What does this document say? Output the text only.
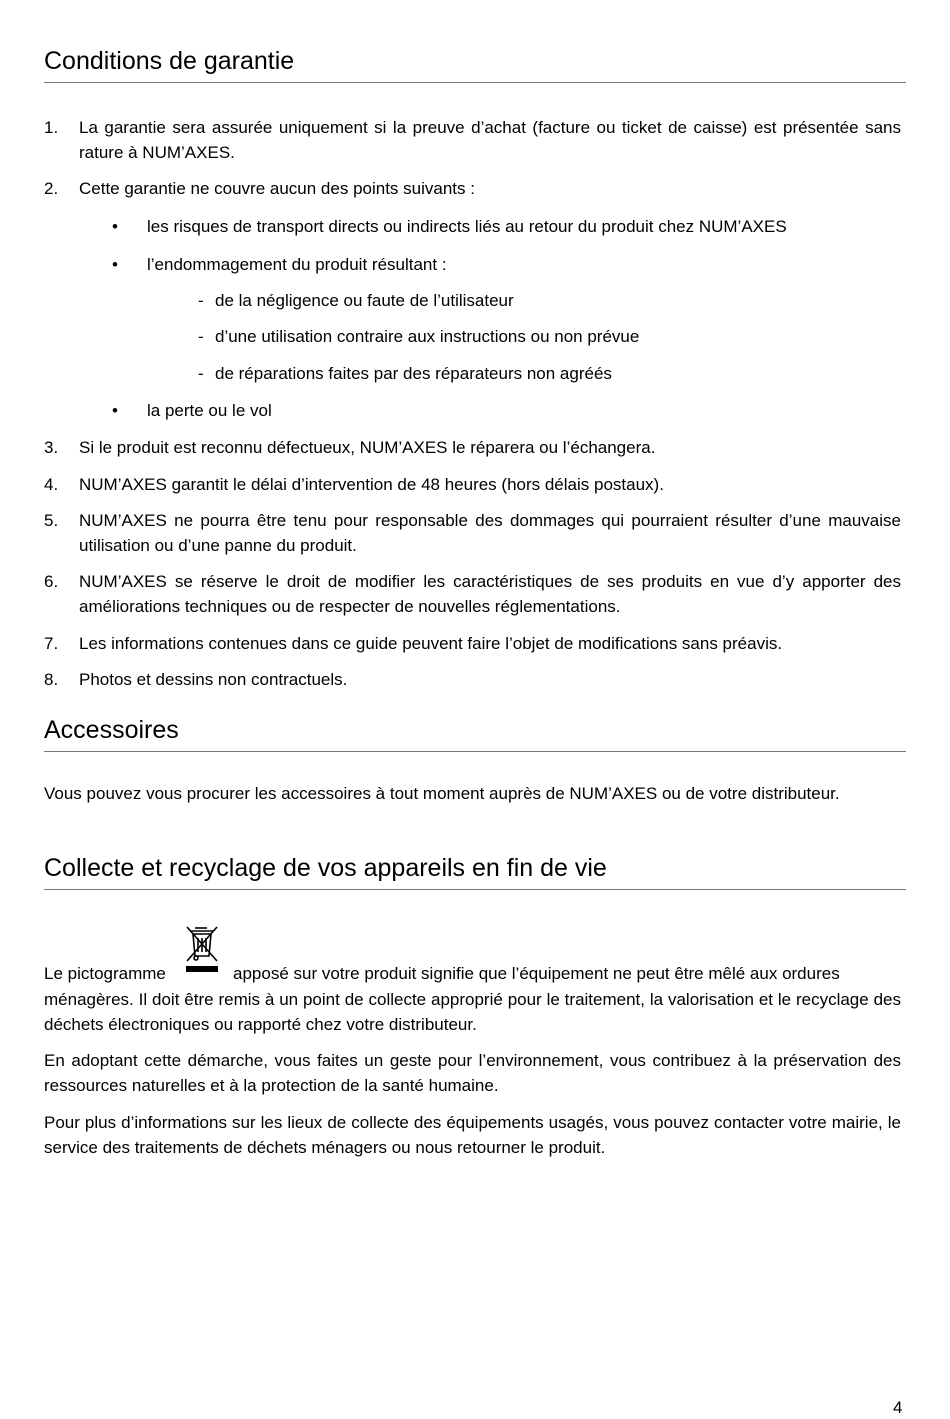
Conditions de garantie
1. La garantie sera assurée uniquement si la preuve d’achat (facture ou ticket de caisse) est présentée sans rature à NUM’AXES.
2. Cette garantie ne couvre aucun des points suivants :
• les risques de transport directs ou indirects liés au retour du produit chez NUM’AXES
• l’endommagement du produit résultant :
- de la négligence ou faute de l’utilisateur
- d’une utilisation contraire aux instructions ou non prévue
- de réparations faites par des réparateurs non agréés
• la perte ou le vol
3. Si le produit est reconnu défectueux, NUM’AXES le réparera ou l’échangera.
4. NUM’AXES garantit le délai d’intervention de 48 heures (hors délais postaux).
5. NUM’AXES ne pourra être tenu pour responsable des dommages qui pourraient résulter d’une mauvaise utilisation ou d’une panne du produit.
6. NUM’AXES se réserve le droit de modifier les caractéristiques de ses produits en vue d’y apporter des améliorations techniques ou de respecter de nouvelles réglementations.
7. Les informations contenues dans ce guide peuvent faire l’objet de modifications sans préavis.
8. Photos et dessins non contractuels.
Accessoires
Vous pouvez vous procurer les accessoires à tout moment auprès de NUM’AXES ou de votre distributeur.
Collecte et recyclage de vos appareils en fin de vie
Le pictogramme	apposé sur votre produit signifie que l’équipement ne peut être mêlé aux ordures
ménagères. Il doit être remis à un point de collecte approprié pour le traitement, la valorisation et le recyclage des déchets électroniques ou rapporté chez votre distributeur.
En adoptant cette démarche, vous faites un geste pour l’environnement, vous contribuez à la préservation des ressources naturelles et à la protection de la santé humaine.
Pour plus d’informations sur les lieux de collecte des équipements usagés, vous pouvez contacter votre mairie, le service des traitements de déchets ménagers ou nous retourner le produit.
4
